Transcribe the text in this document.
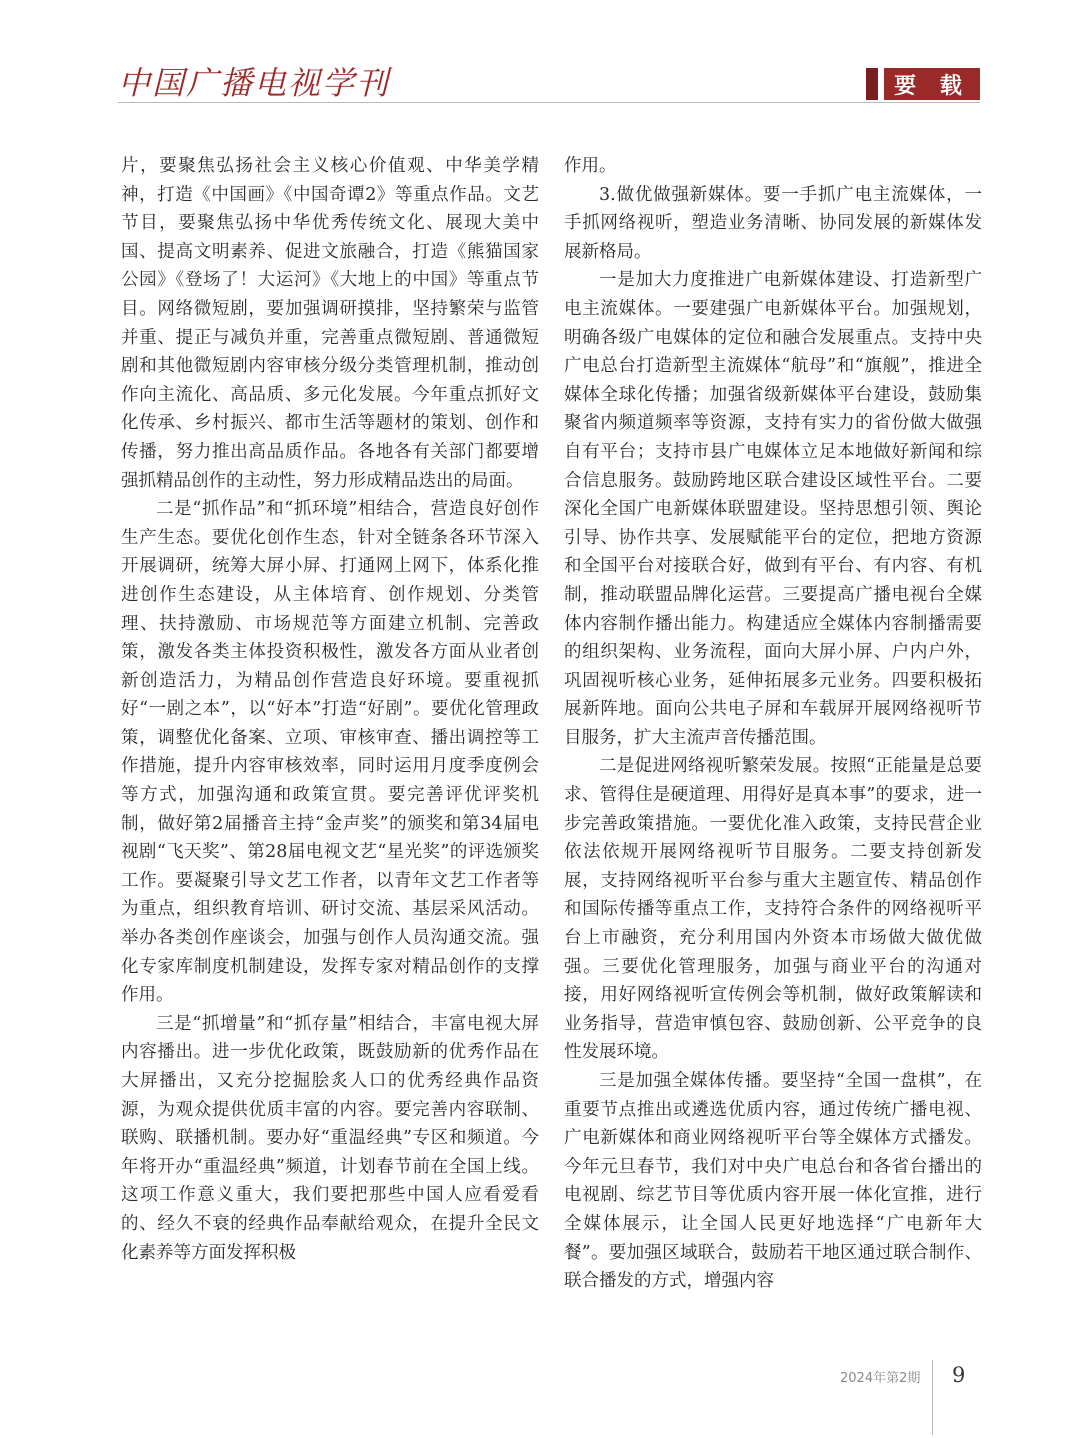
中国广播电视学刊	要 载

片，要聚焦弘扬社会主义核心价值观、中华美学精神，打造《中国画》《中国奇谭2》等重点作品。文艺节目，要聚焦弘扬中华优秀传统文化、展现大美中国、提高文明素养、促进文旅融合，打造《熊猫国家公园》《登场了！大运河》《大地上的中国》等重点节目。网络微短剧，要加强调研摸排，坚持繁荣与监管并重、提正与减负并重，完善重点微短剧、普通微短剧和其他微短剧内容审核分级分类管理机制，推动创作向主流化、高品质、多元化发展。今年重点抓好文化传承、乡村振兴、都市生活等题材的策划、创作和传播，努力推出高品质作品。各地各有关部门都要增强抓精品创作的主动性，努力形成精品迭出的局面。

二是“抓作品”和“抓环境”相结合，营造良好创作生产生态。要优化创作生态，针对全链条各环节深入开展调研，统筹大屏小屏、打通网上网下，体系化推进创作生态建设，从主体培育、创作规划、分类管理、扶持激励、市场规范等方面建立机制、完善政策，激发各类主体投资积极性，激发各方面从业者创新创造活力，为精品创作营造良好环境。要重视抓好“一剧之本”，以“好本”打造“好剧”。要优化管理政策，调整优化备案、立项、审核审查、播出调控等工作措施，提升内容审核效率，同时运用月度季度例会等方式，加强沟通和政策宣贯。要完善评优评奖机制，做好第2届播音主持“金声奖”的颁奖和第34届电视剧“飞天奖”、第28届电视文艺“星光奖”的评选颁奖工作。要凝聚引导文艺工作者，以青年文艺工作者等为重点，组织教育培训、研讨交流、基层采风活动。举办各类创作座谈会，加强与创作人员沟通交流。强化专家库制度机制建设，发挥专家对精品创作的支撑作用。

三是“抓增量”和“抓存量”相结合，丰富电视大屏内容播出。进一步优化政策，既鼓励新的优秀作品在大屏播出，又充分挖掘脍炙人口的优秀经典作品资源，为观众提供优质丰富的内容。要完善内容联制、联购、联播机制。要办好“重温经典”专区和频道。今年将开办“重温经典”频道，计划春节前在全国上线。这项工作意义重大，我们要把那些中国人应看爱看的、经久不衰的经典作品奉献给观众，在提升全民文化素养等方面发挥积极

作用。

3.做优做强新媒体。要一手抓广电主流媒体，一手抓网络视听，塑造业务清晰、协同发展的新媒体发展新格局。

一是加大力度推进广电新媒体建设、打造新型广电主流媒体。一要建强广电新媒体平台。加强规划，明确各级广电媒体的定位和融合发展重点。支持中央广电总台打造新型主流媒体“航母”和“旗舰”，推进全媒体全球化传播；加强省级新媒体平台建设，鼓励集聚省内频道频率等资源，支持有实力的省份做大做强自有平台；支持市县广电媒体立足本地做好新闻和综合信息服务。鼓励跨地区联合建设区域性平台。二要深化全国广电新媒体联盟建设。坚持思想引领、舆论引导、协作共享、发展赋能平台的定位，把地方资源和全国平台对接联合好，做到有平台、有内容、有机制，推动联盟品牌化运营。三要提高广播电视台全媒体内容制作播出能力。构建适应全媒体内容制播需要的组织架构、业务流程，面向大屏小屏、户内户外，巩固视听核心业务，延伸拓展多元业务。四要积极拓展新阵地。面向公共电子屏和车载屏开展网络视听节目服务，扩大主流声音传播范围。

二是促进网络视听繁荣发展。按照“正能量是总要求、管得住是硬道理、用得好是真本事”的要求，进一步完善政策措施。一要优化准入政策，支持民营企业依法依规开展网络视听节目服务。二要支持创新发展，支持网络视听平台参与重大主题宣传、精品创作和国际传播等重点工作，支持符合条件的网络视听平台上市融资，充分利用国内外资本市场做大做优做强。三要优化管理服务，加强与商业平台的沟通对接，用好网络视听宣传例会等机制，做好政策解读和业务指导，营造审慎包容、鼓励创新、公平竞争的良性发展环境。

三是加强全媒体传播。要坚持“全国一盘棋”，在重要节点推出或遴选优质内容，通过传统广播电视、广电新媒体和商业网络视听平台等全媒体方式播发。今年元旦春节，我们对中央广电总台和各省台播出的电视剧、综艺节目等优质内容开展一体化宣推，进行全媒体展示，让全国人民更好地选择“广电新年大餐”。要加强区域联合，鼓励若干地区通过联合制作、联合播发的方式，增强内容

2024年第2期 9
